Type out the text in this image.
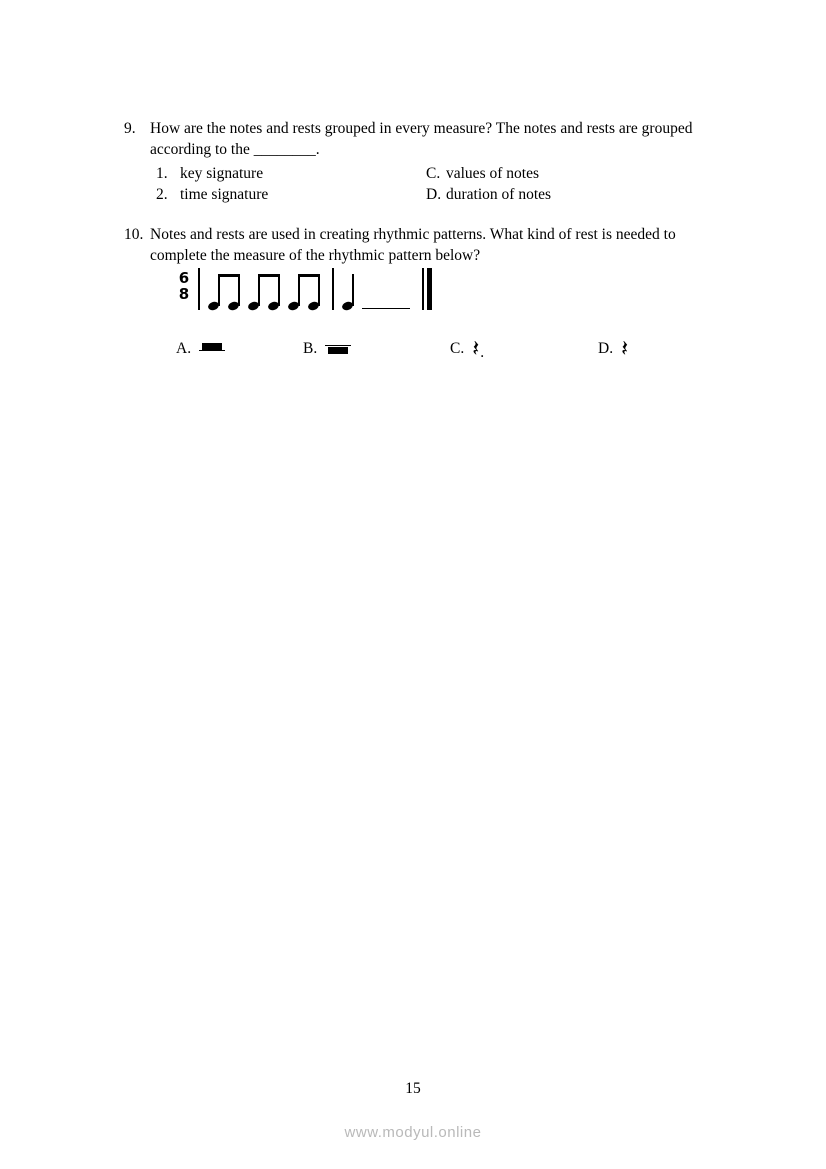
9. How are the notes and rests grouped in every measure? The notes and rests are grouped according to the ________.
1. key signature	C. values of notes
2. time signature	D. duration of notes
10. Notes and rests are used in creating rhythmic patterns. What kind of rest is needed to complete the measure of the rhythmic pattern below?
6
8
A.	B.	C. 𝄽 .	D. 𝄽
15
www.modyul.online
